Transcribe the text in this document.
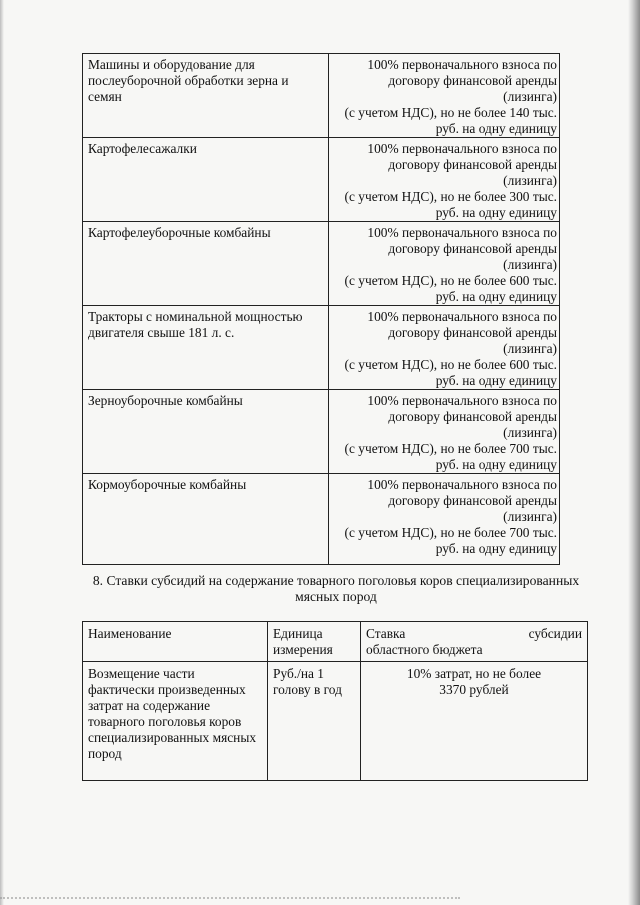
Машины и оборудование для послеуборочной обработки зерна и семян	100% первоначального взноса по
договору финансовой аренды (лизинга)
(с учетом НДС), но не более 140 тыс.
руб. на одну единицу

Картофелесажалки	100% первоначального взноса по
договору финансовой аренды (лизинга)
(с учетом НДС), но не более 300 тыс.
руб. на одну единицу

Картофелеуборочные комбайны	100% первоначального взноса по
договору финансовой аренды (лизинга)
(с учетом НДС), но не более 600 тыс.
руб. на одну единицу

Тракторы с номинальной мощностью двигателя свыше 181 л. с.	100% первоначального взноса по
договору финансовой аренды (лизинга)
(с учетом НДС), но не более 600 тыс.
руб. на одну единицу

Зерноуборочные комбайны	100% первоначального взноса по
договору финансовой аренды (лизинга)
(с учетом НДС), но не более 700 тыс.
руб. на одну единицу

Кормоуборочные комбайны	100% первоначального взноса по
договору финансовой аренды (лизинга)
(с учетом НДС), но не более 700 тыс.
руб. на одну единицу
8. Ставки субсидий на содержание товарного поголовья коров специализированных
мясных пород
Наименование	Единица измерения	Ставка субсидии
областного бюджета

Возмещение части фактически произведенных затрат на содержание товарного поголовья коров специализированных мясных пород	Руб./на 1 голову в год	10% затрат, но не более
3370 рублей
